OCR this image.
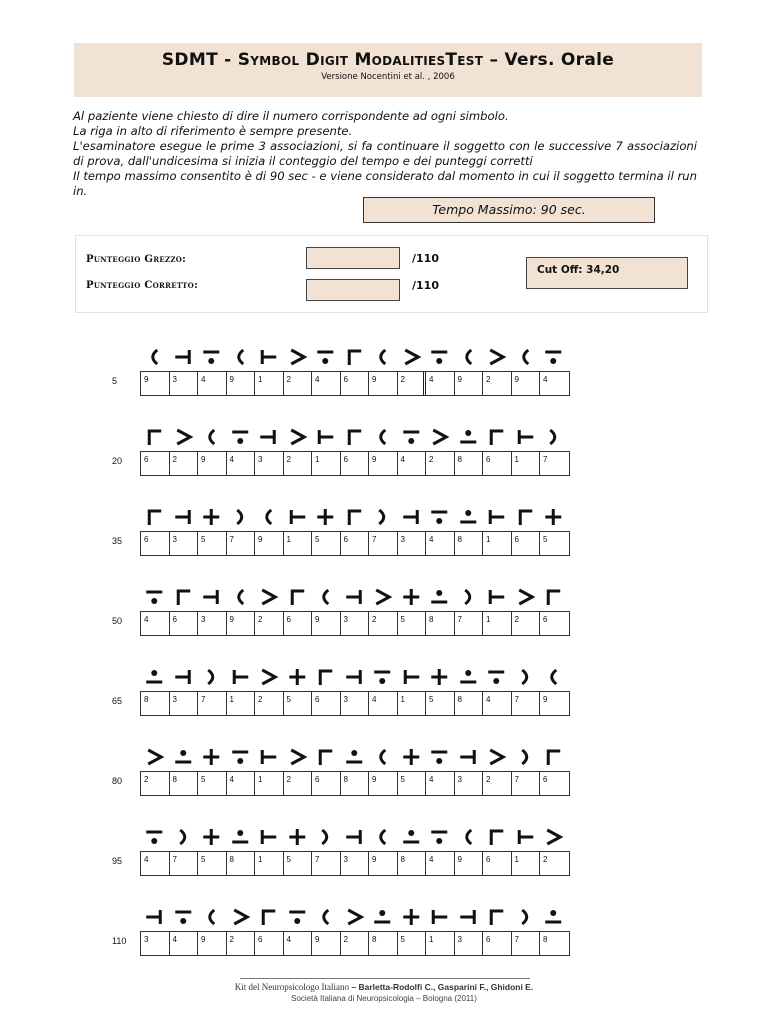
SDMT - Symbol Digit ModalitiesTest – Vers. Orale
Versione Nocentini et al. , 2006

Al paziente viene chiesto di dire il numero corrispondente ad ogni simbolo.

La riga in alto di riferimento è sempre presente.

L'esaminatore esegue le prime 3 associazioni, si fa continuare il soggetto con le successive 7 associazioni di prova, dall'undicesima si inizia il conteggio del tempo e dei punteggi corretti

Il tempo massimo consentito è di 90 sec - e viene considerato dal momento in cui il soggetto termina il run in.

Tempo Massimo: 90 sec.
Punteggio Grezzo:	/110
Punteggio Corretto:	/110
Cut Off: 34,20
5	9	3	4	9	1	2	4	6	9	2	4	9	2	9	4
20	6	2	9	4	3	2	1	6	9	4	2	8	6	1	7
35	6	3	5	7	9	1	5	6	7	3	4	8	1	6	5
50	4	6	3	9	2	6	9	3	2	5	8	7	1	2	6
65	8	3	7	1	2	5	6	3	4	1	5	8	4	7	9
80	2	8	5	4	1	2	6	8	9	5	4	3	2	7	6
95	4	7	5	8	1	5	7	3	9	8	4	9	6	1	2
110	3	4	9	2	6	4	9	2	8	5	1	3	6	7	8
Kit del Neuropsicologo Italiano – Barletta-Rodolfi C., Gasparini F., Ghidoni E.
Società Italiana di Neuropsicologia – Bologna (2011)
